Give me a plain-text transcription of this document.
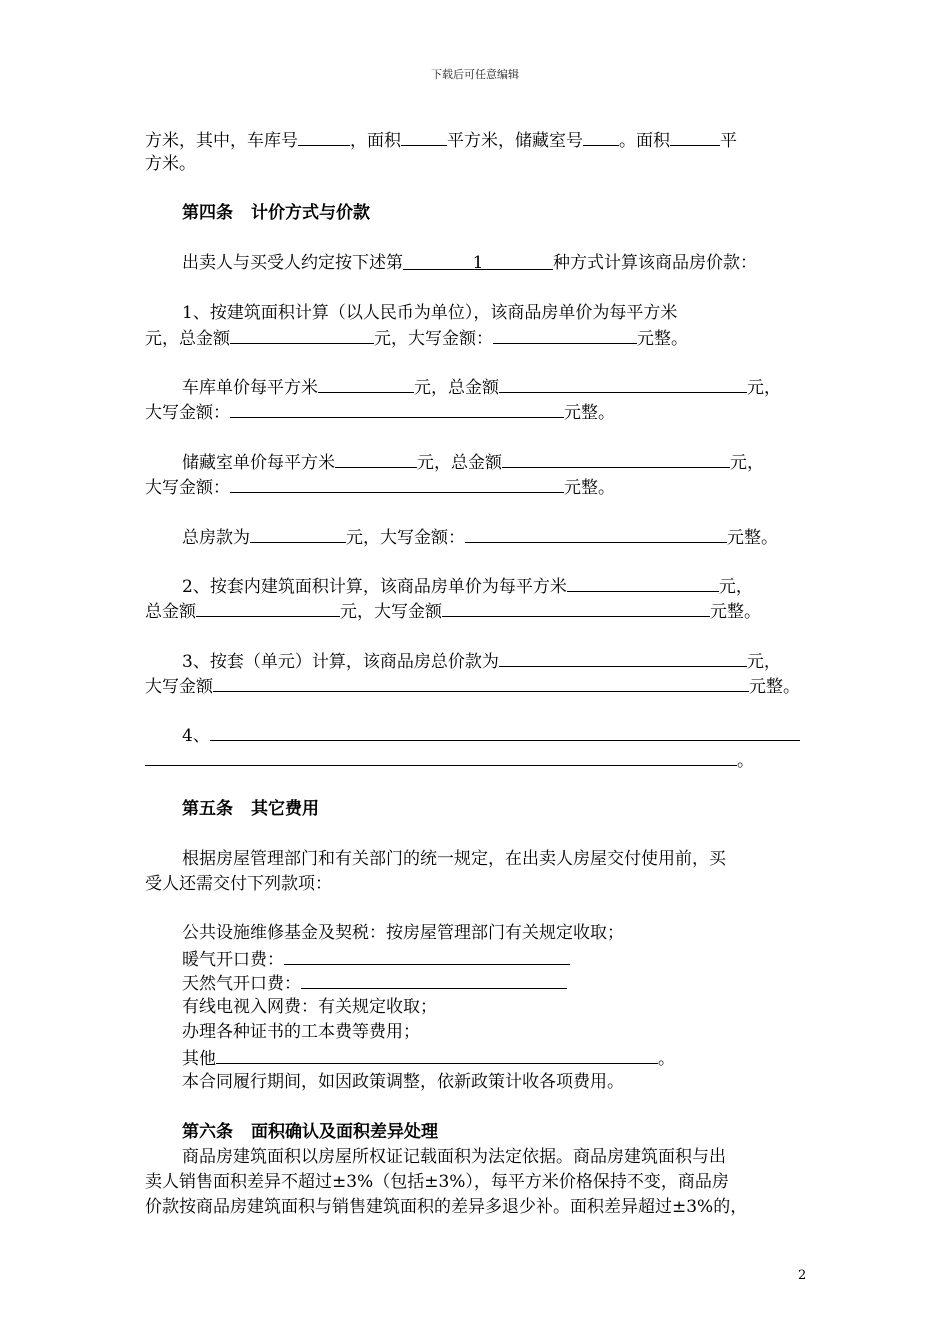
下载后可任意编辑
方米，其中，车库号	，面积	平方米，储藏室号 。面积	平
方米。
第四条 计价方式与价款
出卖人与买受人约定按下述第	1	种方式计算该商品房价款：
1、按建筑面积计算（以人民币为单位），该商品房单价为每平方米
元，总金额	元，大写金额：	元整。
车库单价每平方米	元，总金额	元，
大写金额：	元整。
储藏室单价每平方米	元，总金额	元，
大写金额：	元整。
总房款为	元，大写金额：	元整。
2、按套内建筑面积计算，该商品房单价为每平方米	元，
总金额	元，大写金额	元整。
3、按套（单元）计算，该商品房总价款为	元，
大写金额	元整。
4、
。
第五条 其它费用
根据房屋管理部门和有关部门的统一规定，在出卖人房屋交付使用前，买
受人还需交付下列款项：
公共设施维修基金及契税：按房屋管理部门有关规定收取；
暖气开口费：
天然气开口费：
有线电视入网费：有关规定收取；
办理各种证书的工本费等费用；
其他	。
本合同履行期间，如因政策调整，依新政策计收各项费用。
第六条 面积确认及面积差异处理
商品房建筑面积以房屋所权证记载面积为法定依据。商品房建筑面积与出
卖人销售面积差异不超过±3%（包括±3%），每平方米价格保持不变，商品房
价款按商品房建筑面积与销售建筑面积的差异多退少补。面积差异超过±3%的，
2
